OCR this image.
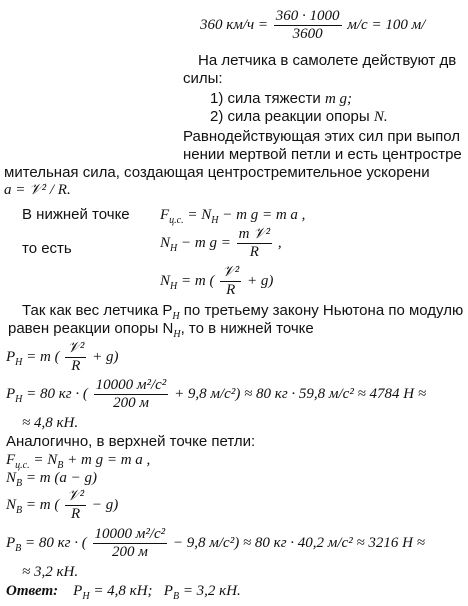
360 $км/ч = \frac{360 \cdot 1000}{3600} м/с = 100$ м/
На летчика в самолете действуют дв
силы:
1) сила тяжести m g;
2) сила реакции опоры N.
Равнодействующая этих сил при выпол
нении мертвой петли и есть центростре
мительная сила, создающая центростремительное ускорени
a = 𝒱² / R.
В нижней точке $F_{ц.с.} = N_Н - m$ g = m a ,
то есть	$N_Н - m$ $g = \frac{\text{m 𝒱²}}{R}$ ,
$N_Н = m$ ( $\frac{\text{𝒱²}}{R} + g$)
Так как вес летчика $P_Н$ по третьему закону Ньютона по модулю
равен реакции опоры $N_Н$, то в нижней точке
$P_Н = m$ ( $\frac{\text{𝒱²}}{R} + g$)
$P_Н = 80$ кг · ( $\frac{\text{10000 м²/с²}}{200 м} + 9,8$ м/с²) ≈ 80 кг · 59,8 м/с² ≈ 4784 Н ≈
≈ 4,8 кН.
Аналогично, в верхней точке петли:
$F_{ц.с.} = N_В + m$ g = m a ,
$N_В = m$ (a − g)
$N_В = m$ ( $\frac{\text{𝒱²}}{R} - g$)
$P_В = 80$ кг · ( $\frac{\text{10000 м²/с²}}{200 м} - 9,8$ м/с²) ≈ 80 кг · 40,2 м/с² ≈ 3216 Н ≈
≈ 3,2 кН.
Ответ: $P_Н = 4,8$ кН; $P_В = 3,2$ кН.
